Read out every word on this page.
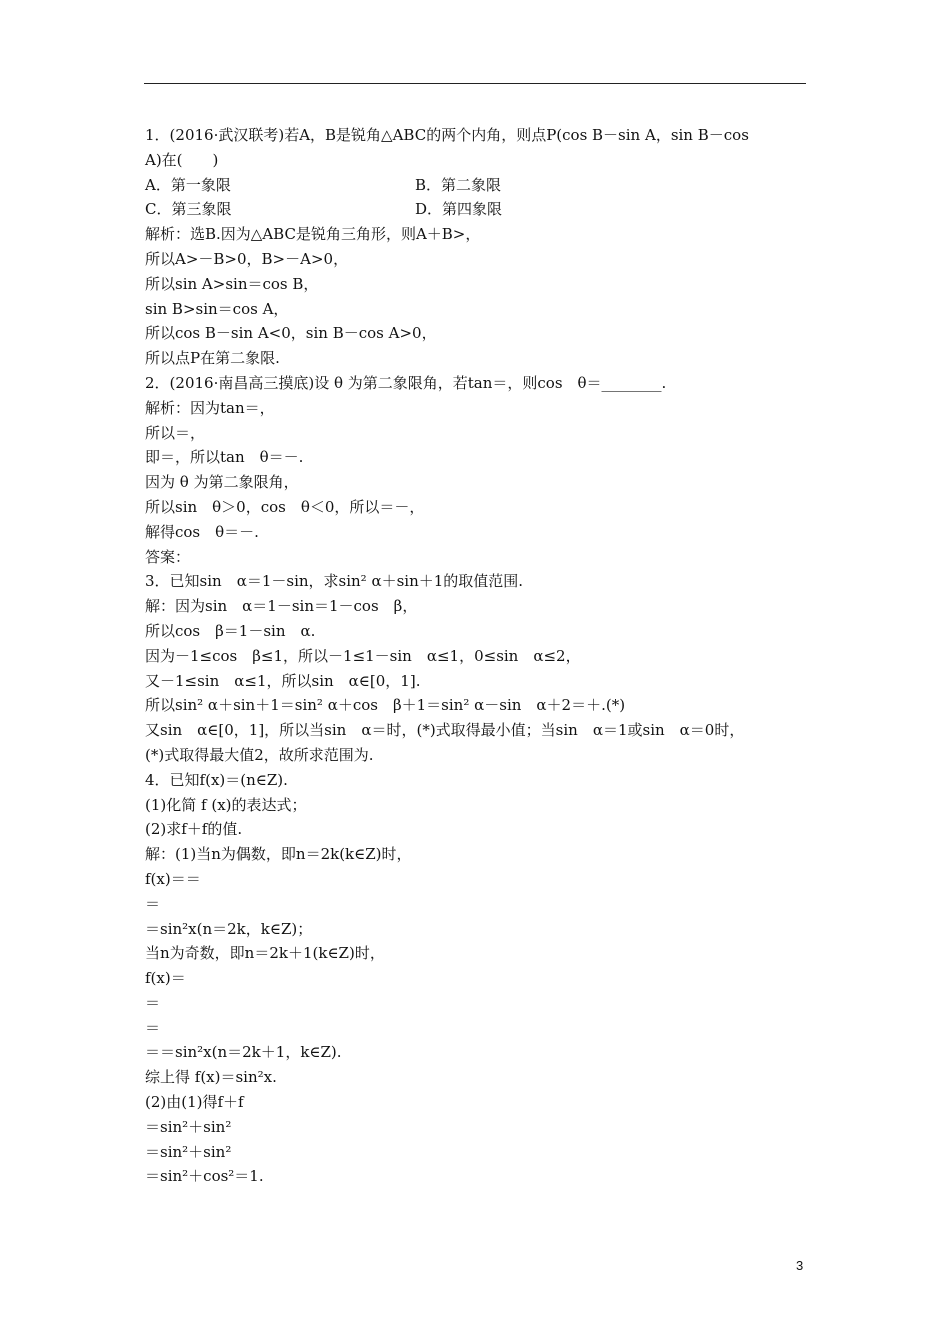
1．(2016·武汉联考)若A，B是锐角△ABC的两个内角，则点P(cos B－sin A，sin B－cos
A)在(　　)
A．第一象限	B．第二象限
C．第三象限	D．第四象限
解析：选B.因为△ABC是锐角三角形，则A＋B>，
所以A>－B>0，B>－A>0，
所以sin A>sin＝cos B，
sin B>sin＝cos A，
所以cos B－sin A<0，sin B－cos A>0，
所以点P在第二象限.
2．(2016·南昌高三摸底)设 θ 为第二象限角，若tan＝，则cos　θ＝________.
解析：因为tan＝，
所以＝，
即＝，所以tan　θ＝－.
因为 θ 为第二象限角，
所以sin　θ＞0，cos　θ＜0，所以＝－，
解得cos　θ＝－.
答案：
3．已知sin　α＝1－sin，求sin² α＋sin＋1的取值范围.
解：因为sin　α＝1－sin＝1－cos　β，
所以cos　β＝1－sin　α.
因为－1≤cos　β≤1，所以－1≤1－sin　α≤1，0≤sin　α≤2，
又－1≤sin　α≤1，所以sin　α∈[0，1].
所以sin² α＋sin＋1＝sin² α＋cos　β＋1＝sin² α－sin　α＋2＝＋.(*)
又sin　α∈[0，1]，所以当sin　α＝时，(*)式取得最小值；当sin　α＝1或sin　α＝0时，
(*)式取得最大值2，故所求范围为.
4．已知f(x)＝(n∈Z).
(1)化简 f (x)的表达式；
(2)求f＋f的值.
解：(1)当n为偶数，即n＝2k(k∈Z)时，
f(x)＝＝
＝
＝sin²x(n＝2k，k∈Z)；
当n为奇数，即n＝2k＋1(k∈Z)时，
f(x)＝
＝
＝
＝＝sin²x(n＝2k＋1，k∈Z).
综上得 f(x)＝sin²x.
(2)由(1)得f＋f
＝sin²＋sin²
＝sin²＋sin²
＝sin²＋cos²＝1.
3
